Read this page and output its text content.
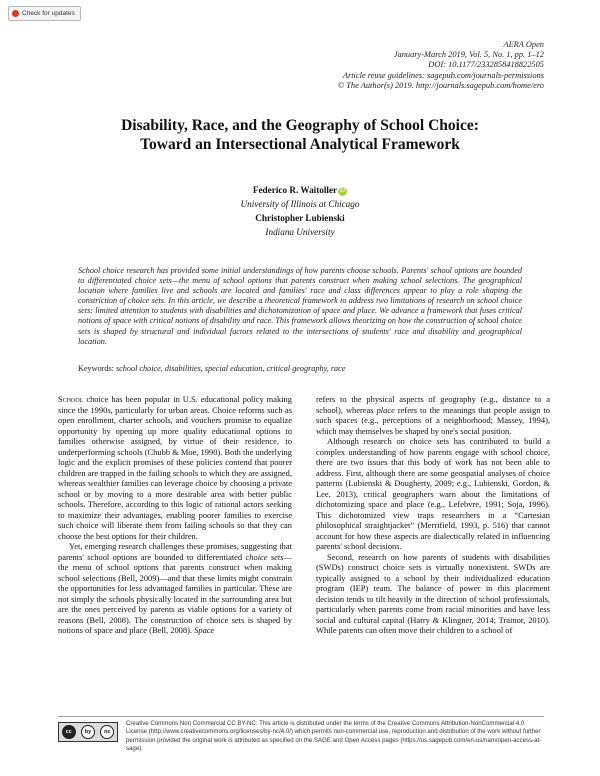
Check for updates
AERA Open
January-March 2019, Vol. 5, No. 1, pp. 1–12
DOI: 10.1177/2332858418822505
Article reuse guidelines: sagepub.com/journals-permissions
© The Author(s) 2019. http://journals.sagepub.com/home/ero
Disability, Race, and the Geography of School Choice:
Toward an Intersectional Analytical Framework
Federico R. Waitoller iD
University of Illinois at Chicago
Christopher Lubienski
Indiana University
School choice research has provided some initial understandings of how parents choose schools. Parents' school options are bounded to differentiated choice sets—the menu of school options that parents construct when making school selections. The geographical location where families live and schools are located and families' race and class differences appear to play a role shaping the constriction of choice sets. In this article, we describe a theoretical framework to address two limitations of research on school choice sets: limited attention to students with disabilities and dichotomization of space and place. We advance a framework that fuses critical notions of space with critical notions of disability and race. This framework allows theorizing on how the construction of school choice sets is shaped by structural and individual factors related to the intersections of students' race and disability and geographical location.
Keywords: school choice, disabilities, special education, critical geography, race

School choice has been popular in U.S. educational policy making since the 1990s, particularly for urban areas. Choice reforms such as open enrollment, charter schools, and vouchers promise to equalize opportunity by opening up more quality educational options to families otherwise assigned, by virtue of their residence, to underperforming schools (Chubb & Moe, 1990). Both the underlying logic and the explicit promises of these policies contend that poorer children are trapped in the failing schools to which they are assigned, whereas wealthier families can leverage choice by choosing a private school or by moving to a more desirable area with better public schools. Therefore, according to this logic of rational actors seeking to maximize their advantages, enabling poorer families to exercise such choice will liberate them from failing schools so that they can choose the best options for their children.

Yet, emerging research challenges these promises, suggesting that parents' school options are bounded to differentiated choice sets—the menu of school options that parents construct when making school selections (Bell, 2009)—and that these limits might constrain the opportunities for less advantaged families in particular. These are not simply the schools physically located in the surrounding area but are the ones perceived by parents as viable options for a variety of reasons (Bell, 2008). The construction of choice sets is shaped by notions of space and place (Bell, 2008). Space

refers to the physical aspects of geography (e.g., distance to a school), whereas place refers to the meanings that people assign to such spaces (e.g., perceptions of a neighborhood; Massey, 1994), which may themselves be shaped by one's social position.

Although research on choice sets has contributed to build a complex understanding of how parents engage with school choice, there are two issues that this body of work has not been able to address. First, although there are some geospatial analyses of choice patterns (Lubienski & Dougherty, 2009; e.g., Lubienski, Gordon, & Lee, 2013), critical geographers warn about the limitations of dichotomizing space and place (e.g., Lefebvre, 1991; Soja, 1996). This dichotomized view traps researchers in a “Cartesian philosophical straightjacket” (Merrifield, 1993, p. 516) that cannot account for how these aspects are dialectically related in influencing parents' school decisions.

Second, research on how parents of students with disabilities (SWDs) construct choice sets is virtually nonexistent. SWDs are typically assigned to a school by their individualized education program (IEP) team. The balance of power in this placement decision tends to tilt heavily in the direction of school professionals, particularly when parents come from racial minorities and have less social and cultural capital (Harry & Klingner, 2014; Trainor, 2010). While parents can often move their children to a school of

cc	by	nc
Creative Commons Non Commercial CC BY-NC: This article is distributed under the terms of the Creative Commons Attribution-NonCommercial 4.0 License (http://www.creativecommons.org/licenses/by-nc/4.0/) which permits non-commercial use, reproduction and distribution of the work without further permission provided the original work is attributed as specified on the SAGE and Open Access pages (https://us.sagepub.com/en-us/nam/open-access-at-sage).
